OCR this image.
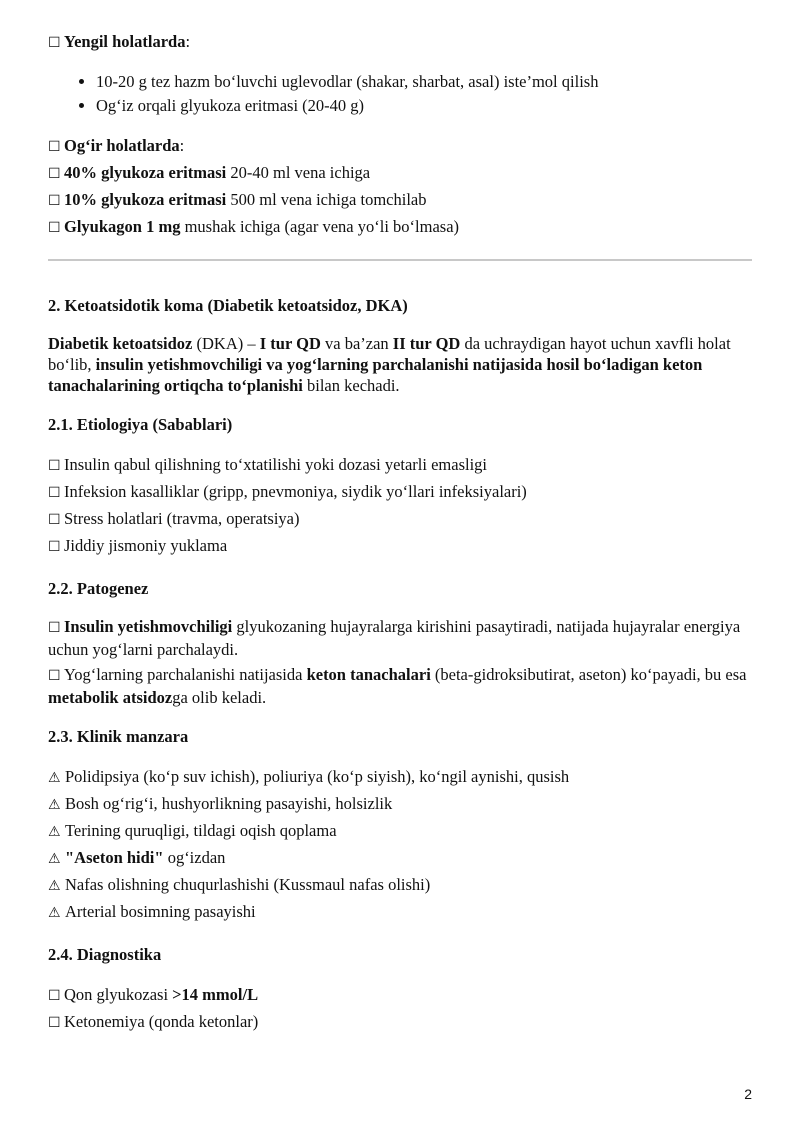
☐ Yengil holatlarda:

• 10-20 g tez hazm bo‘luvchi uglevodlar (shakar, sharbat, asal) iste’mol qilish
• Og‘iz orqali glyukoza eritmasi (20-40 g)

☐ Og‘ir holatlarda:

☐ 40% glyukoza eritmasi 20-40 ml vena ichiga

☐ 10% glyukoza eritmasi 500 ml vena ichiga tomchilab

☐ Glyukagon 1 mg mushak ichiga (agar vena yo‘li bo‘lmasa)

2. Ketoatsidotik koma (Diabetik ketoatsidoz, DKA)

Diabetik ketoatsidoz (DKA) – I tur QD va ba’zan II tur QD da uchraydigan hayot uchun xavfli holat bo‘lib, insulin yetishmovchiligi va yog‘larning parchalanishi natijasida hosil bo‘ladigan keton tanachalarining ortiqcha to‘planishi bilan kechadi.

2.1. Etiologiya (Sabablari)

☐ Insulin qabul qilishning to‘xtatilishi yoki dozasi yetarli emasligi

☐ Infeksion kasalliklar (gripp, pnevmoniya, siydik yo‘llari infeksiyalari)

☐ Stress holatlari (travma, operatsiya)

☐ Jiddiy jismoniy yuklama

2.2. Patogenez

☐ Insulin yetishmovchiligi glyukozaning hujayralarga kirishini pasaytiradi, natijada hujayralar energiya uchun yog‘larni parchalaydi.

☐ Yog‘larning parchalanishi natijasida keton tanachalari (beta-gidroksibutirat, aseton) ko‘payadi, bu esa metabolik atsidozga olib keladi.

2.3. Klinik manzara

⚠ Polidipsiya (ko‘p suv ichish), poliuriya (ko‘p siyish), ko‘ngil aynishi, qusish

⚠ Bosh og‘rig‘i, hushyorlikning pasayishi, holsizlik

⚠ Terining quruqligi, tildagi oqish qoplama

⚠ "Aseton hidi" og‘izdan

⚠ Nafas olishning chuqurlashishi (Kussmaul nafas olishi)

⚠ Arterial bosimning pasayishi

2.4. Diagnostika

☐ Qon glyukozasi >14 mmol/L

☐ Ketonemiya (qonda ketonlar)

2
